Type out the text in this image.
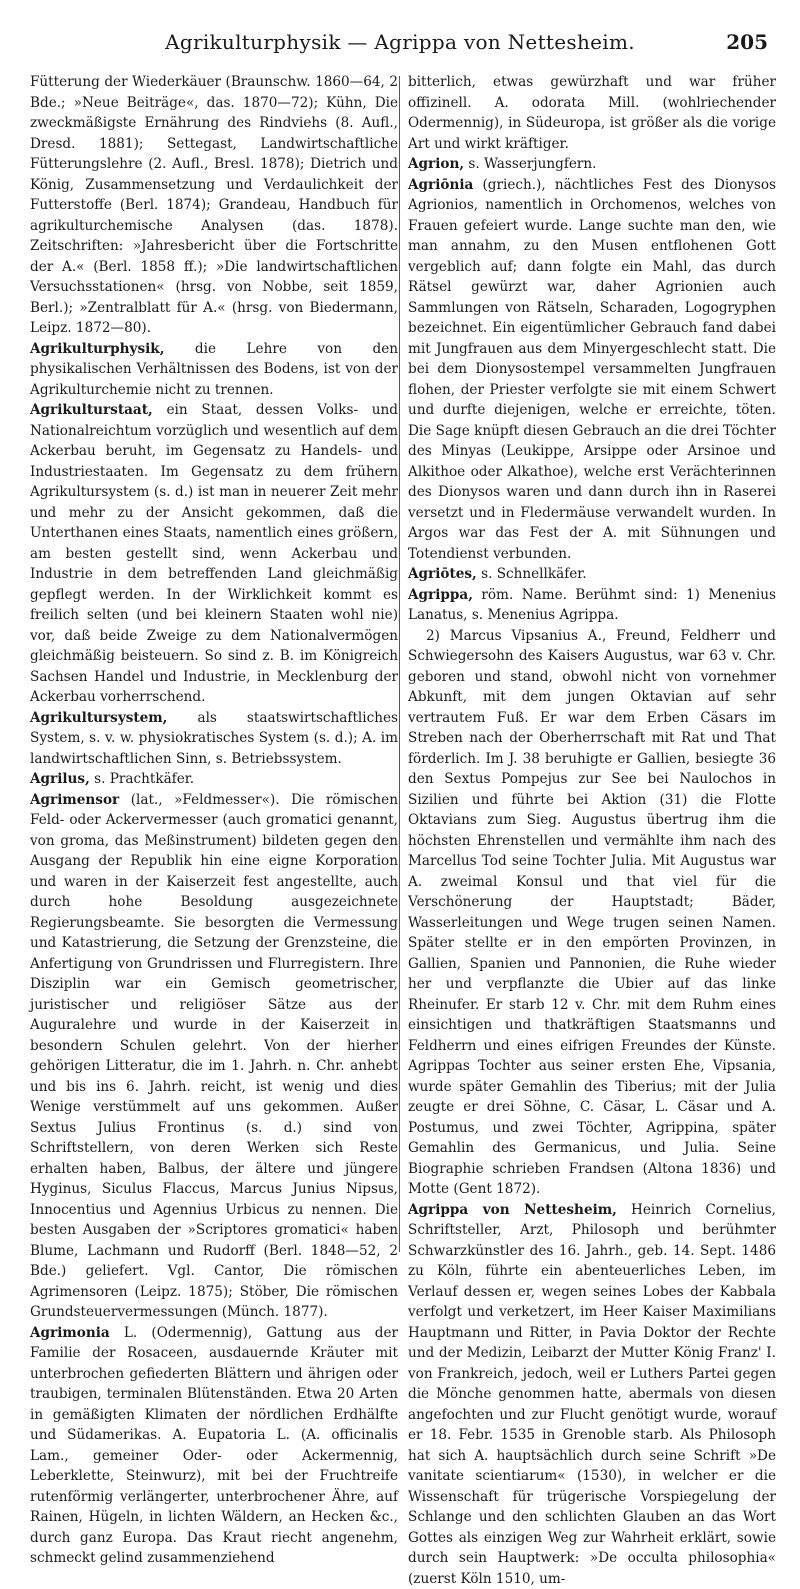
Agrikulturphysik — Agrippa von Nettesheim.	205

Fütterung der Wiederkäuer (Braunschw. 1860—64, 2 Bde.; »Neue Beiträge«, das. 1870—72); Kühn, Die zweckmäßigste Ernährung des Rindviehs (8. Aufl., Dresd. 1881); Settegast, Landwirtschaftliche Fütterungslehre (2. Aufl., Bresl. 1878); Dietrich und König, Zusammensetzung und Verdaulichkeit der Futterstoffe (Berl. 1874); Grandeau, Handbuch für agrikulturchemische Analysen (das. 1878). Zeitschriften: »Jahresbericht über die Fortschritte der A.« (Berl. 1858 ff.); »Die landwirtschaftlichen Versuchsstationen« (hrsg. von Nobbe, seit 1859, Berl.); »Zentralblatt für A.« (hrsg. von Biedermann, Leipz. 1872—80).

Agrikulturphysik, die Lehre von den physikalischen Verhältnissen des Bodens, ist von der Agrikulturchemie nicht zu trennen.

Agrikulturstaat, ein Staat, dessen Volks- und Nationalreichtum vorzüglich und wesentlich auf dem Ackerbau beruht, im Gegensatz zu Handels- und Industriestaaten. Im Gegensatz zu dem frühern Agrikultursystem (s. d.) ist man in neuerer Zeit mehr und mehr zu der Ansicht gekommen, daß die Unterthanen eines Staats, namentlich eines größern, am besten gestellt sind, wenn Ackerbau und Industrie in dem betreffenden Land gleichmäßig gepflegt werden. In der Wirklichkeit kommt es freilich selten (und bei kleinern Staaten wohl nie) vor, daß beide Zweige zu dem Nationalvermögen gleichmäßig beisteuern. So sind z. B. im Königreich Sachsen Handel und Industrie, in Mecklenburg der Ackerbau vorherrschend.

Agrikultursystem, als staatswirtschaftliches System, s. v. w. physiokratisches System (s. d.); A. im landwirtschaftlichen Sinn, s. Betriebssystem.

Agrilus, s. Prachtkäfer.

Agrimensor (lat., »Feldmesser«). Die römischen Feld- oder Ackervermesser (auch gromatici genannt, von groma, das Meßinstrument) bildeten gegen den Ausgang der Republik hin eine eigne Korporation und waren in der Kaiserzeit fest angestellte, auch durch hohe Besoldung ausgezeichnete Regierungsbeamte. Sie besorgten die Vermessung und Katastrierung, die Setzung der Grenzsteine, die Anfertigung von Grundrissen und Flurregistern. Ihre Disziplin war ein Gemisch geometrischer, juristischer und religiöser Sätze aus der Auguralehre und wurde in der Kaiserzeit in besondern Schulen gelehrt. Von der hierher gehörigen Litteratur, die im 1. Jahrh. n. Chr. anhebt und bis ins 6. Jahrh. reicht, ist wenig und dies Wenige verstümmelt auf uns gekommen. Außer Sextus Julius Frontinus (s. d.) sind von Schriftstellern, von deren Werken sich Reste erhalten haben, Balbus, der ältere und jüngere Hyginus, Siculus Flaccus, Marcus Junius Nipsus, Innocentius und Agennius Urbicus zu nennen. Die besten Ausgaben der »Scriptores gromatici« haben Blume, Lachmann und Rudorff (Berl. 1848—52, 2 Bde.) geliefert. Vgl. Cantor, Die römischen Agrimensoren (Leipz. 1875); Stöber, Die römischen Grundsteuervermessungen (Münch. 1877).

Agrimonia L. (Odermennig), Gattung aus der Familie der Rosaceen, ausdauernde Kräuter mit unterbrochen gefiederten Blättern und ährigen oder traubigen, terminalen Blütenständen. Etwa 20 Arten in gemäßigten Klimaten der nördlichen Erdhälfte und Südamerikas. A. Eupatoria L. (A. officinalis Lam., gemeiner Oder- oder Ackermennig, Leberklette, Steinwurz), mit bei der Fruchtreife rutenförmig verlängerter, unterbrochener Ähre, auf Rainen, Hügeln, in lichten Wäldern, an Hecken &c., durch ganz Europa. Das Kraut riecht angenehm, schmeckt gelind zusammenziehend

bitterlich, etwas gewürzhaft und war früher offizinell. A. odorata Mill. (wohlriechender Odermennig), in Südeuropa, ist größer als die vorige Art und wirkt kräftiger.

Agrion, s. Wasserjungfern.

Agriōnia (griech.), nächtliches Fest des Dionysos Agrionios, namentlich in Orchomenos, welches von Frauen gefeiert wurde. Lange suchte man den, wie man annahm, zu den Musen entflohenen Gott vergeblich auf; dann folgte ein Mahl, das durch Rätsel gewürzt war, daher Agrionien auch Sammlungen von Rätseln, Scharaden, Logogryphen bezeichnet. Ein eigentümlicher Gebrauch fand dabei mit Jungfrauen aus dem Minyergeschlecht statt. Die bei dem Dionysostempel versammelten Jungfrauen flohen, der Priester verfolgte sie mit einem Schwert und durfte diejenigen, welche er erreichte, töten. Die Sage knüpft diesen Gebrauch an die drei Töchter des Minyas (Leukippe, Arsippe oder Arsinoe und Alkithoe oder Alkathoe), welche erst Verächterinnen des Dionysos waren und dann durch ihn in Raserei versetzt und in Fledermäuse verwandelt wurden. In Argos war das Fest der A. mit Sühnungen und Totendienst verbunden.

Agriōtes, s. Schnellkäfer.

Agrippa, röm. Name. Berühmt sind: 1) Menenius Lanatus, s. Menenius Agrippa.

2) Marcus Vipsanius A., Freund, Feldherr und Schwiegersohn des Kaisers Augustus, war 63 v. Chr. geboren und stand, obwohl nicht von vornehmer Abkunft, mit dem jungen Oktavian auf sehr vertrautem Fuß. Er war dem Erben Cäsars im Streben nach der Oberherrschaft mit Rat und That förderlich. Im J. 38 beruhigte er Gallien, besiegte 36 den Sextus Pompejus zur See bei Naulochos in Sizilien und führte bei Aktion (31) die Flotte Oktavians zum Sieg. Augustus übertrug ihm die höchsten Ehrenstellen und vermählte ihm nach des Marcellus Tod seine Tochter Julia. Mit Augustus war A. zweimal Konsul und that viel für die Verschönerung der Hauptstadt; Bäder, Wasserleitungen und Wege trugen seinen Namen. Später stellte er in den empörten Provinzen, in Gallien, Spanien und Pannonien, die Ruhe wieder her und verpflanzte die Ubier auf das linke Rheinufer. Er starb 12 v. Chr. mit dem Ruhm eines einsichtigen und thatkräftigen Staatsmanns und Feldherrn und eines eifrigen Freundes der Künste. Agrippas Tochter aus seiner ersten Ehe, Vipsania, wurde später Gemahlin des Tiberius; mit der Julia zeugte er drei Söhne, C. Cäsar, L. Cäsar und A. Postumus, und zwei Töchter, Agrippina, später Gemahlin des Germanicus, und Julia. Seine Biographie schrieben Frandsen (Altona 1836) und Motte (Gent 1872).

Agrippa von Nettesheim, Heinrich Cornelius, Schriftsteller, Arzt, Philosoph und berühmter Schwarzkünstler des 16. Jahrh., geb. 14. Sept. 1486 zu Köln, führte ein abenteuerliches Leben, im Verlauf dessen er, wegen seines Lobes der Kabbala verfolgt und verketzert, im Heer Kaiser Maximilians Hauptmann und Ritter, in Pavia Doktor der Rechte und der Medizin, Leibarzt der Mutter König Franz' I. von Frankreich, jedoch, weil er Luthers Partei gegen die Mönche genommen hatte, abermals von diesen angefochten und zur Flucht genötigt wurde, worauf er 18. Febr. 1535 in Grenoble starb. Als Philosoph hat sich A. hauptsächlich durch seine Schrift »De vanitate scientiarum« (1530), in welcher er die Wissenschaft für trügerische Vorspiegelung der Schlange und den schlichten Glauben an das Wort Gottes als einzigen Weg zur Wahrheit erklärt, sowie durch sein Hauptwerk: »De occulta philosophia« (zuerst Köln 1510, um-
